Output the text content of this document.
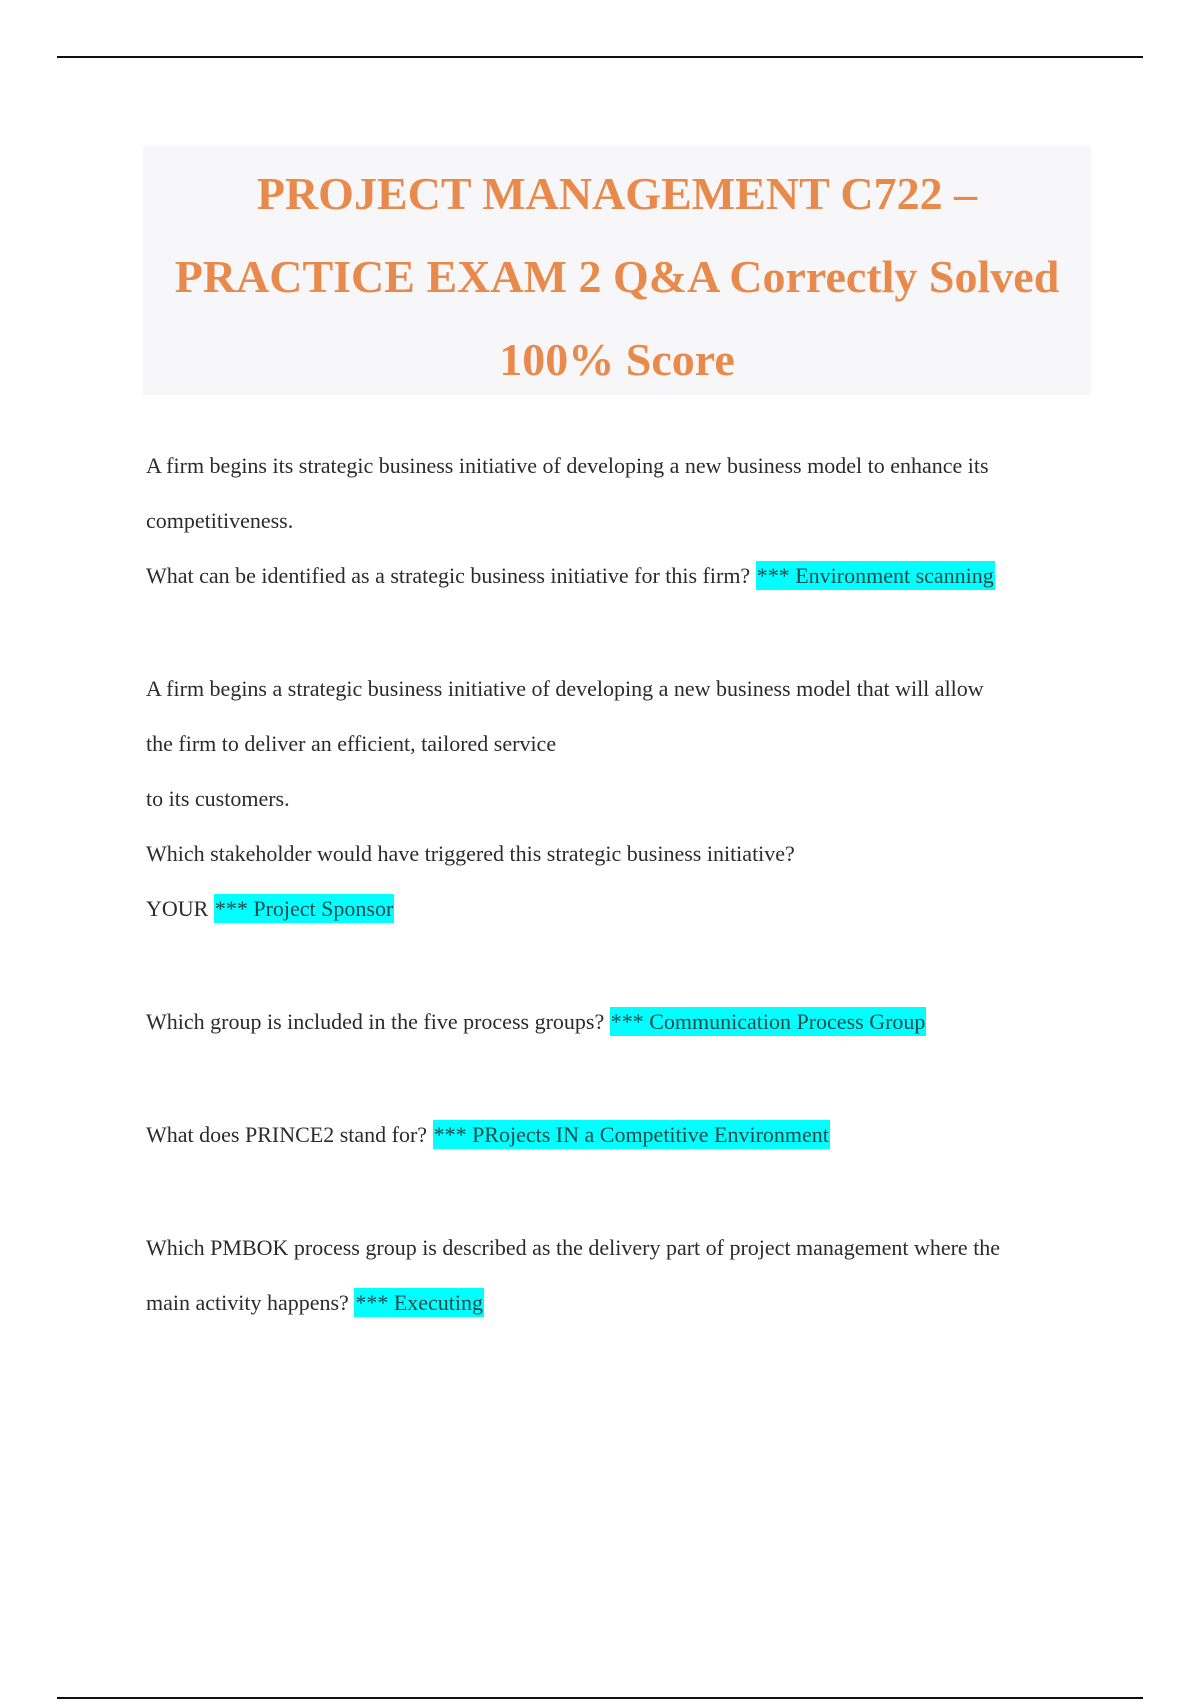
PROJECT MANAGEMENT C722 –
PRACTICE EXAM 2 Q&A Correctly Solved
100% Score
A firm begins its strategic business initiative of developing a new business model to enhance its
competitiveness.
What can be identified as a strategic business initiative for this firm? *** Environment scanning
A firm begins a strategic business initiative of developing a new business model that will allow
the firm to deliver an efficient, tailored service
to its customers.
Which stakeholder would have triggered this strategic business initiative?
YOUR *** Project Sponsor
Which group is included in the five process groups? *** Communication Process Group
What does PRINCE2 stand for? *** PRojects IN a Competitive Environment
Which PMBOK process group is described as the delivery part of project management where the
main activity happens? *** Executing
